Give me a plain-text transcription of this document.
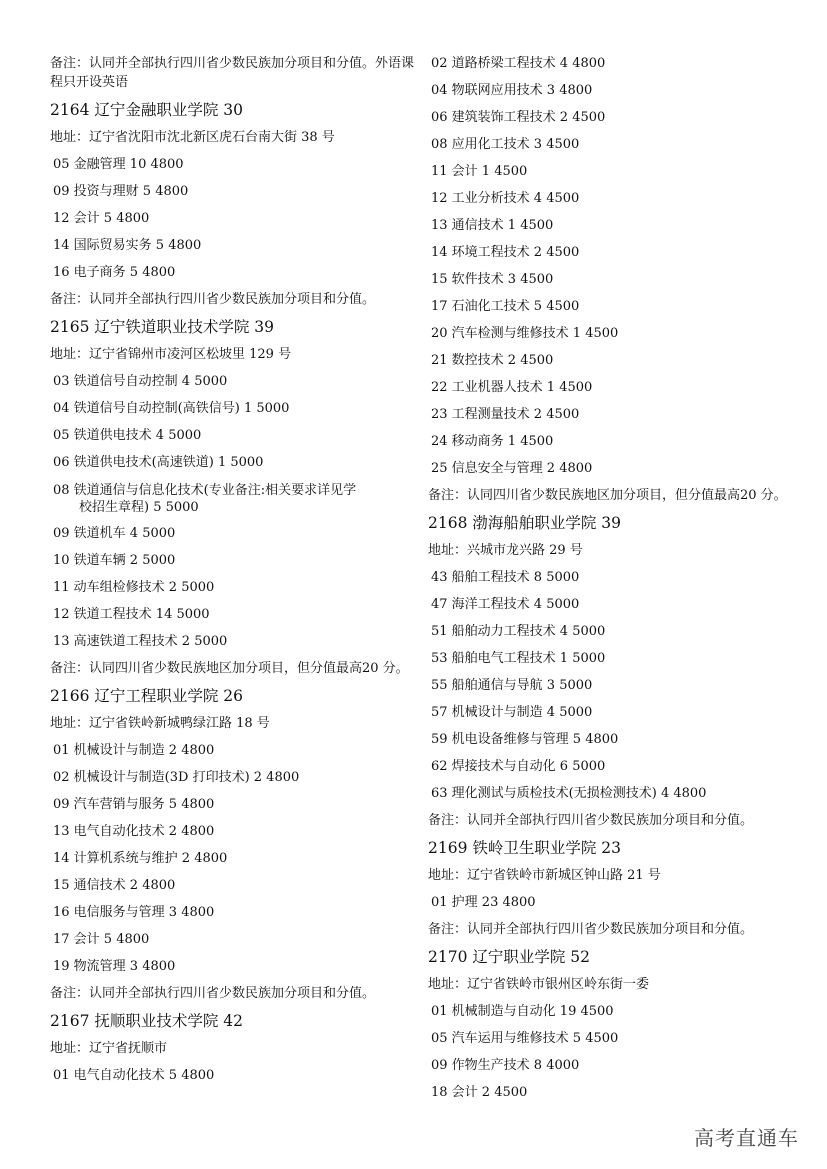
备注：认同并全部执行四川省少数民族加分项目和分值。外语课程只开设英语
2164 辽宁金融职业学院 30
地址：辽宁省沈阳市沈北新区虎石台南大街 38 号
05 金融管理 10 4800
09 投资与理财 5 4800
12 会计 5 4800
14 国际贸易实务 5 4800
16 电子商务 5 4800
备注：认同并全部执行四川省少数民族加分项目和分值。
2165 辽宁铁道职业技术学院 39
地址：辽宁省锦州市凌河区松坡里 129 号
03 铁道信号自动控制 4 5000
04 铁道信号自动控制(高铁信号) 1 5000
05 铁道供电技术 4 5000
06 铁道供电技术(高速铁道) 1 5000
08 铁道通信与信息化技术(专业备注:相关要求详见学
校招生章程) 5 5000
09 铁道机车 4 5000
10 铁道车辆 2 5000
11 动车组检修技术 2 5000
12 铁道工程技术 14 5000
13 高速铁道工程技术 2 5000
备注：认同四川省少数民族地区加分项目，但分值最高20 分。
2166 辽宁工程职业学院 26
地址：辽宁省铁岭新城鸭绿江路 18 号
01 机械设计与制造 2 4800
02 机械设计与制造(3D 打印技术) 2 4800
09 汽车营销与服务 5 4800
13 电气自动化技术 2 4800
14 计算机系统与维护 2 4800
15 通信技术 2 4800
16 电信服务与管理 3 4800
17 会计 5 4800
19 物流管理 3 4800
备注：认同并全部执行四川省少数民族加分项目和分值。
2167 抚顺职业技术学院 42
地址：辽宁省抚顺市
01 电气自动化技术 5 4800
02 道路桥梁工程技术 4 4800
04 物联网应用技术 3 4800
06 建筑装饰工程技术 2 4500
08 应用化工技术 3 4500
11 会计 1 4500
12 工业分析技术 4 4500
13 通信技术 1 4500
14 环境工程技术 2 4500
15 软件技术 3 4500
17 石油化工技术 5 4500
20 汽车检测与维修技术 1 4500
21 数控技术 2 4500
22 工业机器人技术 1 4500
23 工程测量技术 2 4500
24 移动商务 1 4500
25 信息安全与管理 2 4800
备注：认同四川省少数民族地区加分项目，但分值最高20 分。
2168 渤海船舶职业学院 39
地址：兴城市龙兴路 29 号
43 船舶工程技术 8 5000
47 海洋工程技术 4 5000
51 船舶动力工程技术 4 5000
53 船舶电气工程技术 1 5000
55 船舶通信与导航 3 5000
57 机械设计与制造 4 5000
59 机电设备维修与管理 5 4800
62 焊接技术与自动化 6 5000
63 理化测试与质检技术(无损检测技术) 4 4800
备注：认同并全部执行四川省少数民族加分项目和分值。
2169 铁岭卫生职业学院 23
地址：辽宁省铁岭市新城区钟山路 21 号
01 护理 23 4800
备注：认同并全部执行四川省少数民族加分项目和分值。
2170 辽宁职业学院 52
地址：辽宁省铁岭市银州区岭东街一委
01 机械制造与自动化 19 4500
05 汽车运用与维修技术 5 4500
09 作物生产技术 8 4000
18 会计 2 4500
高考直通车
